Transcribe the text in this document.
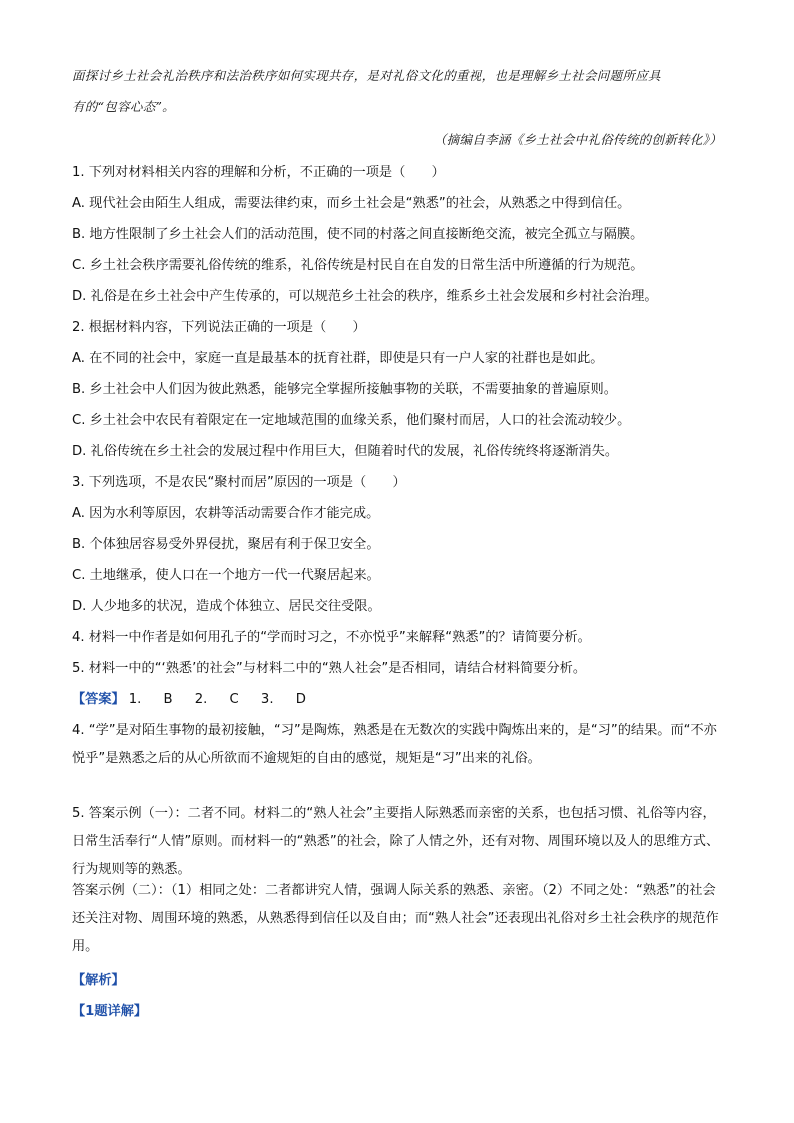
面探讨乡土社会礼治秩序和法治秩序如何实现共存，是对礼俗文化的重视，也是理解乡土社会问题所应具
有的“包容心态”。
（摘编自李涵《乡土社会中礼俗传统的创新转化》）
1. 下列对材料相关内容的理解和分析，不正确的一项是（　　）
A. 现代社会由陌生人组成，需要法律约束，而乡土社会是“熟悉”的社会，从熟悉之中得到信任。
B. 地方性限制了乡土社会人们的活动范围，使不同的村落之间直接断绝交流，被完全孤立与隔膜。
C. 乡土社会秩序需要礼俗传统的维系，礼俗传统是村民自在自发的日常生活中所遵循的行为规范。
D. 礼俗是在乡土社会中产生传承的，可以规范乡土社会的秩序，维系乡土社会发展和乡村社会治理。
2. 根据材料内容，下列说法正确的一项是（　　）
A. 在不同的社会中，家庭一直是最基本的抚育社群，即使是只有一户人家的社群也是如此。
B. 乡土社会中人们因为彼此熟悉，能够完全掌握所接触事物的关联，不需要抽象的普遍原则。
C. 乡土社会中农民有着限定在一定地域范围的血缘关系，他们聚村而居，人口的社会流动较少。
D. 礼俗传统在乡土社会的发展过程中作用巨大，但随着时代的发展，礼俗传统终将逐渐消失。
3. 下列选项，不是农民“聚村而居”原因的一项是（　　）
A. 因为水利等原因，农耕等活动需要合作才能完成。
B. 个体独居容易受外界侵扰，聚居有利于保卫安全。
C. 土地继承，使人口在一个地方一代一代聚居起来。
D. 人少地多的状况，造成个体独立、居民交往受限。
4. 材料一中作者是如何用孔子的“学而时习之，不亦悦乎”来解释“熟悉”的？请简要分析。
5. 材料一中的“‘熟悉’的社会”与材料二中的“熟人社会”是否相同，请结合材料简要分析。
【答案】 1. B 2. C 3. D
4. “学”是对陌生事物的最初接触，“习”是陶炼，熟悉是在无数次的实践中陶炼出来的，是“习”的结果。而“不亦悦乎”是熟悉之后的从心所欲而不逾规矩的自由的感觉，规矩是“习”出来的礼俗。
5. 答案示例（一）：二者不同。材料二的“熟人社会”主要指人际熟悉而亲密的关系，也包括习惯、礼俗等内容，日常生活奉行“人情”原则。而材料一的“熟悉”的社会，除了人情之外，还有对物、周围环境以及人的思维方式、行为规则等的熟悉。
答案示例（二）：（1）相同之处：二者都讲究人情，强调人际关系的熟悉、亲密。（2）不同之处：“熟悉”的社会还关注对物、周围环境的熟悉，从熟悉得到信任以及自由；而“熟人社会”还表现出礼俗对乡土社会秩序的规范作用。
【解析】
【1题详解】
